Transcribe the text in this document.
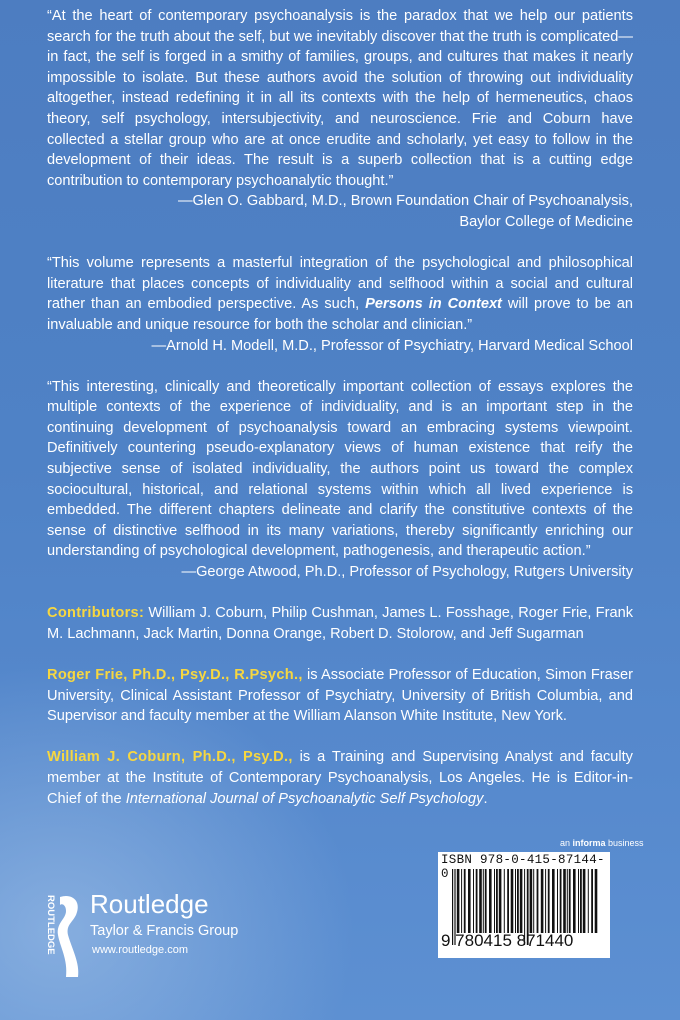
“At the heart of contemporary psychoanalysis is the paradox that we help our patients search for the truth about the self, but we inevitably discover that the truth is complicated—in fact, the self is forged in a smithy of families, groups, and cultures that makes it nearly impossible to isolate. But these authors avoid the solution of throwing out individuality altogether, instead redefining it in all its contexts with the help of hermeneutics, chaos theory, self psychology, intersubjectivity, and neuroscience. Frie and Coburn have collected a stellar group who are at once erudite and scholarly, yet easy to follow in the development of their ideas. The result is a superb collection that is a cutting edge contribution to contemporary psychoanalytic thought.”

—Glen O. Gabbard, M.D., Brown Foundation Chair of Psychoanalysis,
Baylor College of Medicine

“This volume represents a masterful integration of the psychological and philosophical literature that places concepts of individuality and selfhood within a social and cultural rather than an embodied perspective. As such, Persons in Context will prove to be an invaluable and unique resource for both the scholar and clinician.”

—Arnold H. Modell, M.D., Professor of Psychiatry, Harvard Medical School

“This interesting, clinically and theoretically important collection of essays explores the multiple contexts of the experience of individuality, and is an important step in the continuing development of psychoanalysis toward an embracing systems viewpoint. Definitively countering pseudo-explanatory views of human existence that reify the subjective sense of isolated individuality, the authors point us toward the complex sociocultural, historical, and relational systems within which all lived experience is embedded. The different chapters delineate and clarify the constitutive contexts of the sense of distinctive selfhood in its many variations, thereby significantly enriching our understanding of psychological development, pathogenesis, and therapeutic action.”

—George Atwood, Ph.D., Professor of Psychology, Rutgers University

Contributors: William J. Coburn, Philip Cushman, James L. Fosshage, Roger Frie, Frank M. Lachmann, Jack Martin, Donna Orange, Robert D. Stolorow, and Jeff Sugarman

Roger Frie, Ph.D., Psy.D., R.Psych., is Associate Professor of Education, Simon Fraser University, Clinical Assistant Professor of Psychiatry, University of British Columbia, and Supervisor and faculty member at the William Alanson White Institute, New York.

William J. Coburn, Ph.D., Psy.D., is a Training and Supervising Analyst and faculty member at the Institute of Contemporary Psychoanalysis, Los Angeles. He is Editor-in-Chief of the International Journal of Psychoanalytic Self Psychology.

an informa business
ISBN 978-0-415-87144-0
9 780415 871440
ROUTLEDGE Routledge
Taylor & Francis Group
www.routledge.com
